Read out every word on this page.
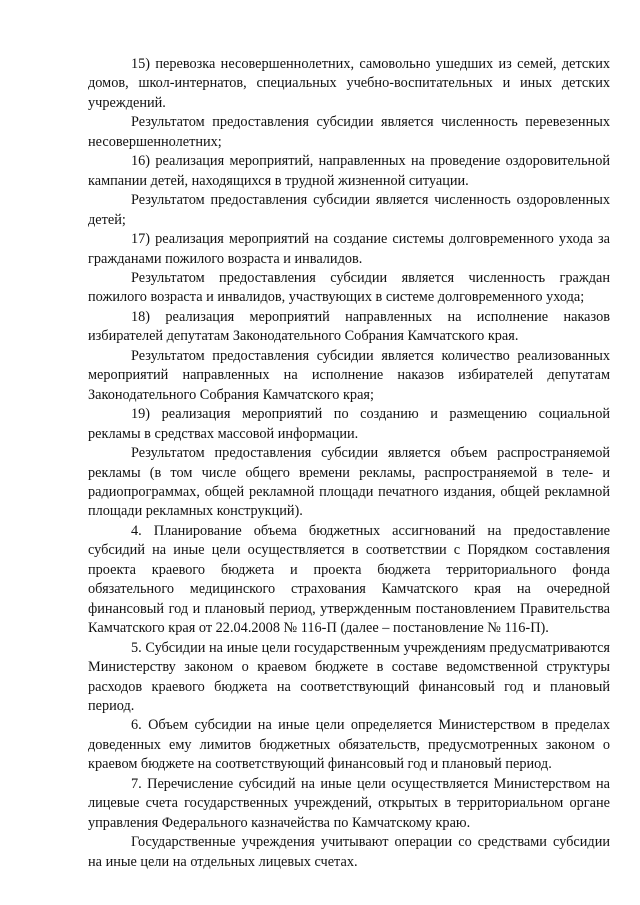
15) перевозка несовершеннолетних, самовольно ушедших из семей, детских домов, школ-интернатов, специальных учебно-воспитательных и иных детских учреждений.

Результатом предоставления субсидии является численность перевезенных несовершеннолетних;

16) реализация мероприятий, направленных на проведение оздоровительной кампании детей, находящихся в трудной жизненной ситуации.

Результатом предоставления субсидии является численность оздоровленных детей;

17) реализация мероприятий на создание системы долговременного ухода за гражданами пожилого возраста и инвалидов.

Результатом предоставления субсидии является численность граждан пожилого возраста и инвалидов, участвующих в системе долговременного ухода;

18) реализация мероприятий направленных на исполнение наказов избирателей депутатам Законодательного Собрания Камчатского края.

Результатом предоставления субсидии является количество реализованных мероприятий направленных на исполнение наказов избирателей депутатам Законодательного Собрания Камчатского края;

19) реализация мероприятий по созданию и размещению социальной рекламы в средствах массовой информации.

Результатом предоставления субсидии является объем распространяемой рекламы (в том числе общего времени рекламы, распространяемой в теле- и радиопрограммах, общей рекламной площади печатного издания, общей рекламной площади рекламных конструкций).

4. Планирование объема бюджетных ассигнований на предоставление субсидий на иные цели осуществляется в соответствии с Порядком составления проекта краевого бюджета и проекта бюджета территориального фонда обязательного медицинского страхования Камчатского края на очередной финансовый год и плановый период, утвержденным постановлением Правительства Камчатского края от 22.04.2008 № 116-П (далее – постановление № 116-П).

5. Субсидии на иные цели государственным учреждениям предусматриваются Министерству законом о краевом бюджете в составе ведомственной структуры расходов краевого бюджета на соответствующий финансовый год и плановый период.

6. Объем субсидии на иные цели определяется Министерством в пределах доведенных ему лимитов бюджетных обязательств, предусмотренных законом о краевом бюджете на соответствующий финансовый год и плановый период.

7. Перечисление субсидий на иные цели осуществляется Министерством на лицевые счета государственных учреждений, открытых в территориальном органе управления Федерального казначейства по Камчатскому краю.

Государственные учреждения учитывают операции со средствами субсидии на иные цели на отдельных лицевых счетах.
